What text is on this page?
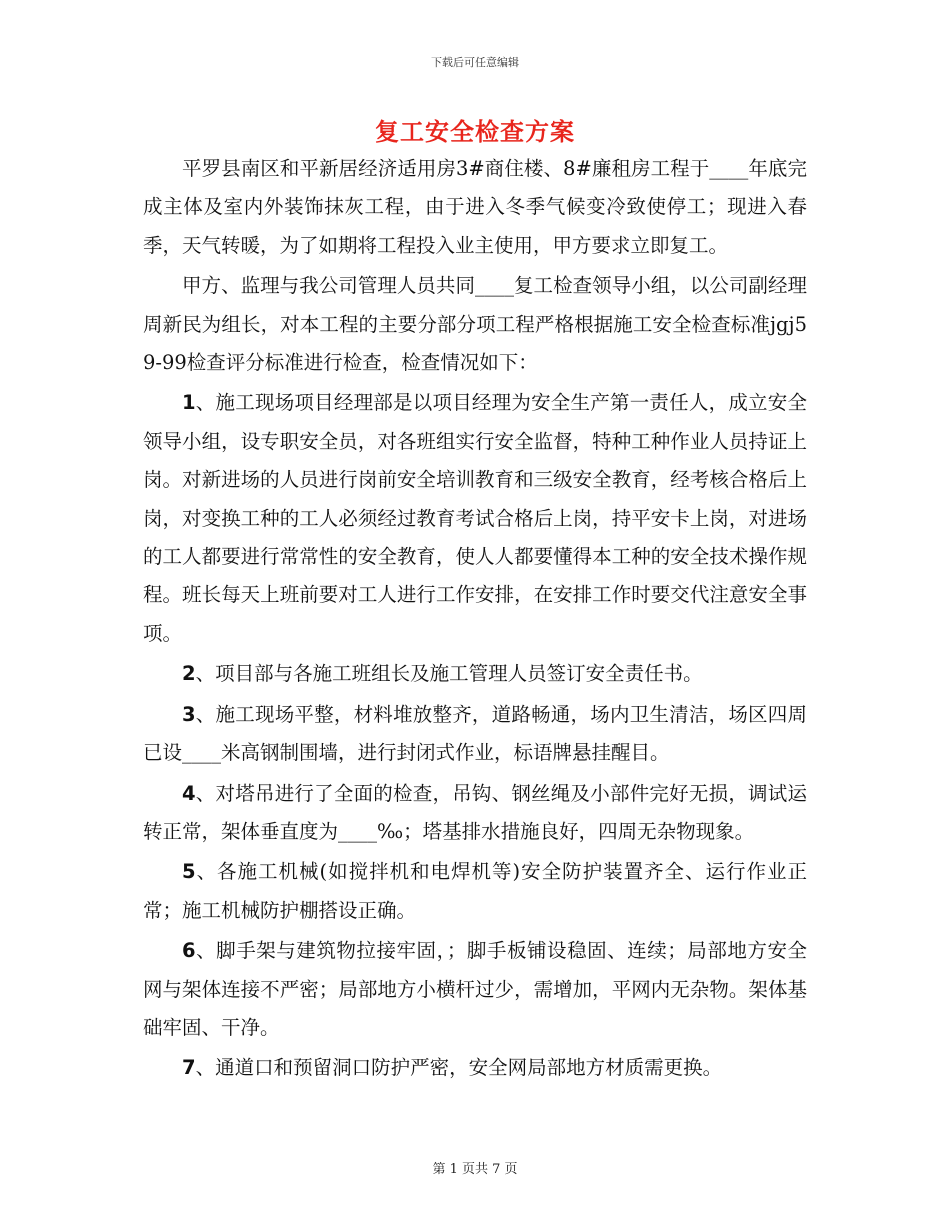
下载后可任意编辑
复工安全检查方案

平罗县南区和平新居经济适用房3#商住楼、8#廉租房工程于____年底完成主体及室内外装饰抹灰工程，由于进入冬季气候变冷致使停工；现进入春季，天气转暖，为了如期将工程投入业主使用，甲方要求立即复工。

甲方、监理与我公司管理人员共同____复工检查领导小组，以公司副经理周新民为组长，对本工程的主要分部分项工程严格根据施工安全检查标准jgj59-99检查评分标准进行检查，检查情况如下：

1、施工现场项目经理部是以项目经理为安全生产第一责任人，成立安全领导小组，设专职安全员，对各班组实行安全监督，特种工种作业人员持证上岗。对新进场的人员进行岗前安全培训教育和三级安全教育，经考核合格后上岗，对变换工种的工人必须经过教育考试合格后上岗，持平安卡上岗，对进场的工人都要进行常常性的安全教育，使人人都要懂得本工种的安全技术操作规程。班长每天上班前要对工人进行工作安排，在安排工作时要交代注意安全事项。

2、项目部与各施工班组长及施工管理人员签订安全责任书。

3、施工现场平整，材料堆放整齐，道路畅通，场内卫生清洁，场区四周已设____米高钢制围墙，进行封闭式作业，标语牌悬挂醒目。

4、对塔吊进行了全面的检查，吊钩、钢丝绳及小部件完好无损，调试运转正常，架体垂直度为____‰；塔基排水措施良好，四周无杂物现象。

5、各施工机械(如搅拌机和电焊机等)安全防护装置齐全、运行作业正常；施工机械防护棚搭设正确。

6、脚手架与建筑物拉接牢固，；脚手板铺设稳固、连续；局部地方安全网与架体连接不严密；局部地方小横杆过少，需增加，平网内无杂物。架体基础牢固、干净。

7、通道口和预留洞口防护严密，安全网局部地方材质需更换。

第 1 页共 7 页
